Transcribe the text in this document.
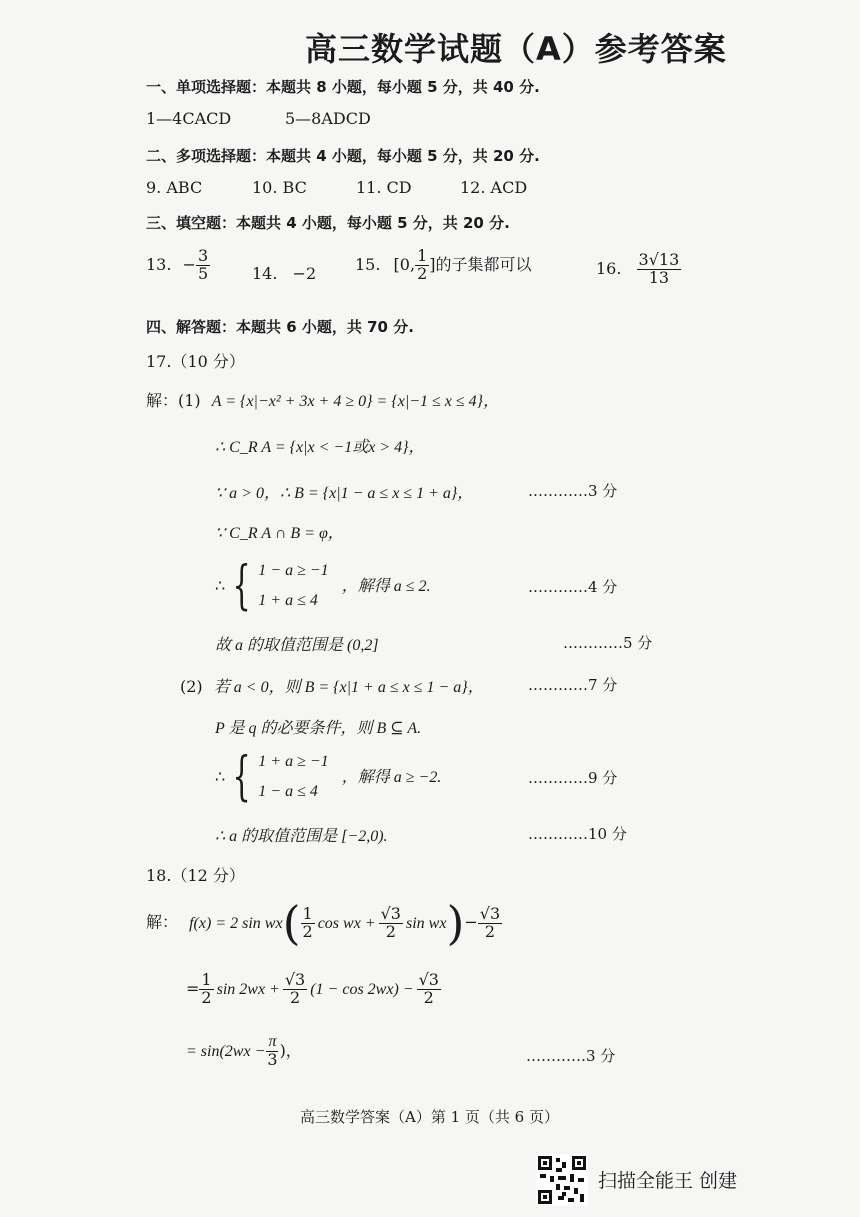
高三数学试题（A）参考答案
一、单项选择题：本题共 8 小题，每小题 5 分，共 40 分.
1—4CACD	5—8ADCD
二、多项选择题：本题共 4 小题，每小题 5 分，共 20 分.
9. ABC	10. BC	11. CD	12. ACD
三、填空题：本题共 4 小题，每小题 5 分，共 20 分.
13. − $\frac{3}{5}$	14. −2 15. [0, $\frac{1}{2}$ ]的子集都可以	16. $\frac{3√13}{13}$
四、解答题：本题共 6 小题，共 70 分.
17.（10 分）
解：(1) A = {x|−x² + 3x + 4 ≥ 0} = {x|−1 ≤ x ≤ 4}，
∴ C_R A = {x|x < −1或x > 4}，
∵ a > 0，∴ B = {x|1 − a ≤ x ≤ 1 + a}，	…………3 分
∵ C_R A ∩ B = φ，
∴ { 1 − a ≥ −1
1 + a ≤ 4
，解得 a ≤ 2.	…………4 分
故 a 的取值范围是 (0,2]	…………5 分
(2) 若 a < 0，则 B = {x|1 + a ≤ x ≤ 1 − a}，	…………7 分
P 是 q 的必要条件，则 B ⊆ A.
∴ { 1 + a ≥ −1
1 − a ≤ 4
，解得 a ≥ −2.	…………9 分
∴ a 的取值范围是 [−2,0).	…………10 分
18.（12 分）
解： f(x) = 2 $\sin wx( \frac{1}{2}$ cos wx + $\frac{√3}{2}$ $\sin wx)- \frac{√3}{2}$
= $\frac{1}{2}$ $\sin 2wx + \frac{√3}{2} (1 - \cos 2wx) - \frac{√3}{2}$
= $\sin(2wx - \frac{\pi}{3}$ )，	…………3 分
高三数学答案（A）第 1 页（共 6 页）
扫描全能王 创建
